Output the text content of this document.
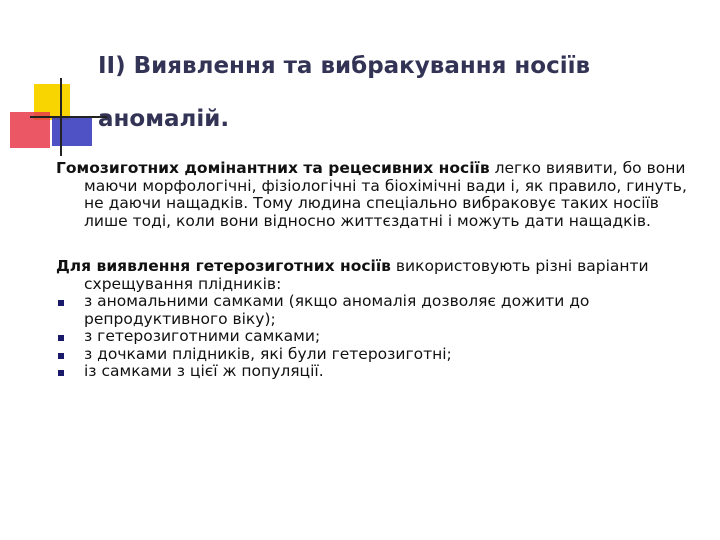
II) Виявлення та вибракування носіїв
аномалій.
Гомозиготних домінантних та рецесивних носіїв легко виявити, бо вони маючи морфологічні, фізіологічні та біохімічні вади і, як правило, гинуть, не даючи нащадків. Тому людина спеціально вибраковує таких носіїв лише тоді, коли вони відносно життєздатні і можуть дати нащадків.
Для виявлення гетерозиготних носіїв використовують різні варіанти схрещування плідників:
з аномальними самками (якщо аномалія дозволяє дожити до репродуктивного віку);
з гетерозиготними самками;
з дочками плідників, які були гетерозиготні;
із самками з цієї ж популяції.
